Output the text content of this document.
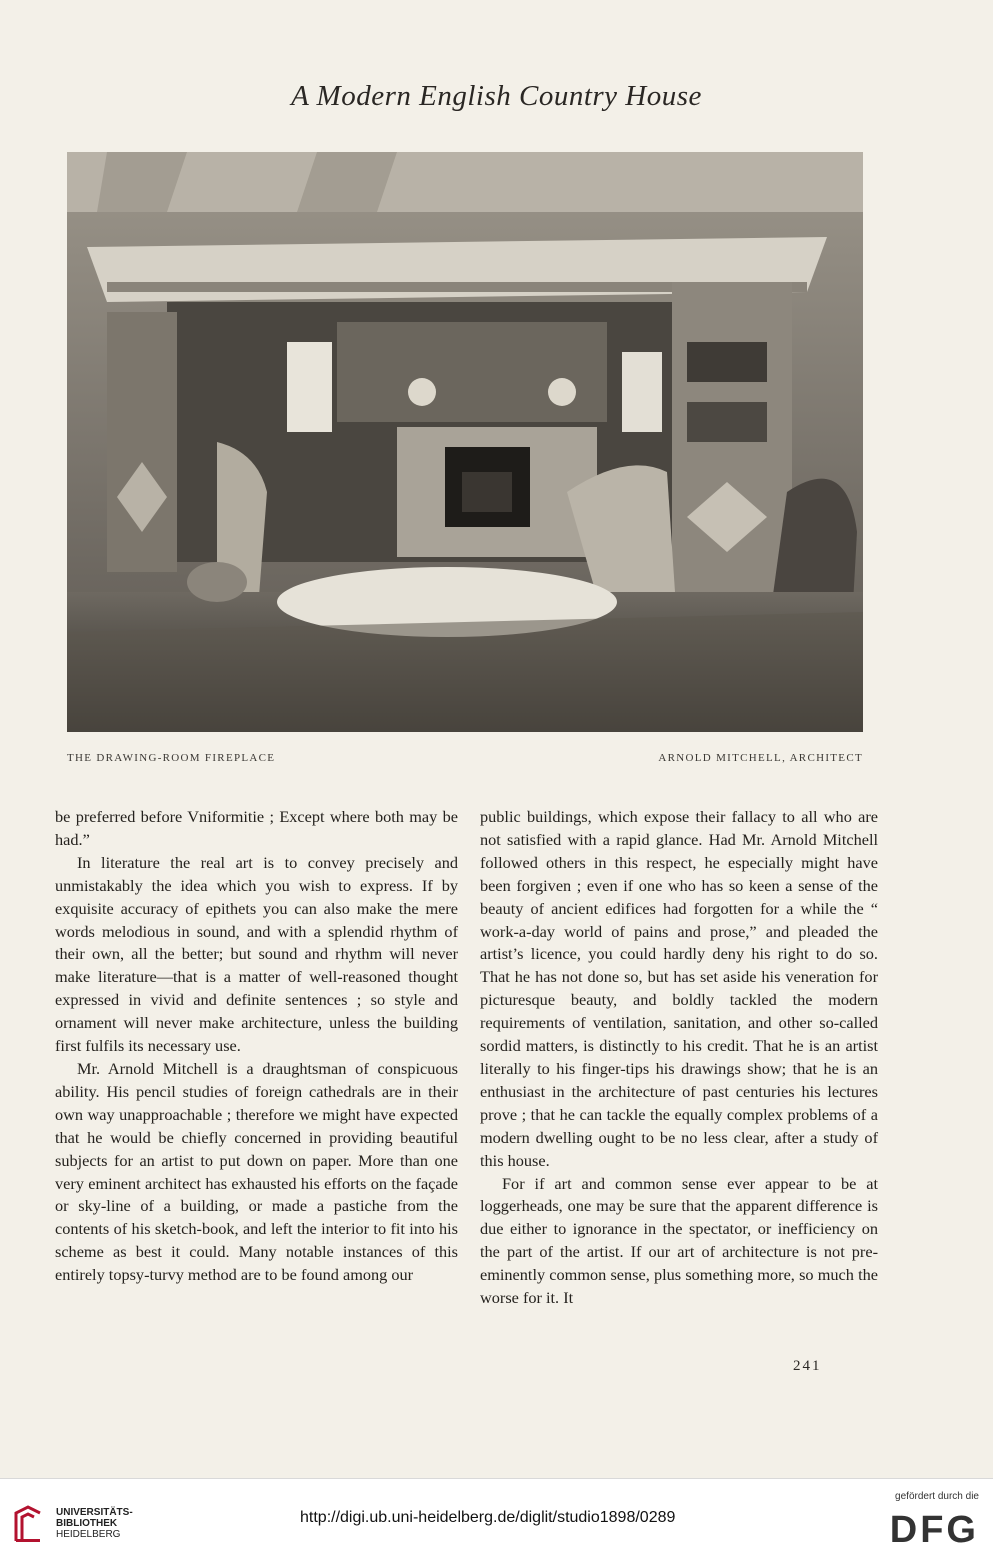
A Modern English Country House
THE DRAWING-ROOM FIREPLACE	ARNOLD MITCHELL, ARCHITECT

be preferred before Vniformitie ; Except where both may be had.”

In literature the real art is to convey precisely and unmistakably the idea which you wish to express. If by exquisite accuracy of epithets you can also make the mere words melodious in sound, and with a splendid rhythm of their own, all the better; but sound and rhythm will never make literature—that is a matter of well-reasoned thought expressed in vivid and definite sentences ; so style and ornament will never make architecture, unless the building first fulfils its necessary use.

Mr. Arnold Mitchell is a draughtsman of conspicuous ability. His pencil studies of foreign cathedrals are in their own way unapproachable ; therefore we might have expected that he would be chiefly concerned in providing beautiful subjects for an artist to put down on paper. More than one very eminent architect has exhausted his efforts on the façade or sky-line of a building, or made a pastiche from the contents of his sketch-book, and left the interior to fit into his scheme as best it could. Many notable instances of this entirely topsy-turvy method are to be found among our

public buildings, which expose their fallacy to all who are not satisfied with a rapid glance. Had Mr. Arnold Mitchell followed others in this respect, he especially might have been forgiven ; even if one who has so keen a sense of the beauty of ancient edifices had forgotten for a while the “ work-a-day world of pains and prose,” and pleaded the artist’s licence, you could hardly deny his right to do so. That he has not done so, but has set aside his veneration for picturesque beauty, and boldly tackled the modern requirements of ventilation, sanitation, and other so-called sordid matters, is distinctly to his credit. That he is an artist literally to his finger-tips his drawings show; that he is an enthusiast in the architecture of past centuries his lectures prove ; that he can tackle the equally complex problems of a modern dwelling ought to be no less clear, after a study of this house.

For if art and common sense ever appear to be at loggerheads, one may be sure that the apparent difference is due either to ignorance in the spectator, or inefficiency on the part of the artist. If our art of architecture is not pre-eminently common sense, plus something more, so much the worse for it. It

241
UNIVERSITÄTS-
BIBLIOTHEK
HEIDELBERG
http://digi.ub.uni-heidelberg.de/diglit/studio1898/0289
gefördert durch die
DFG
